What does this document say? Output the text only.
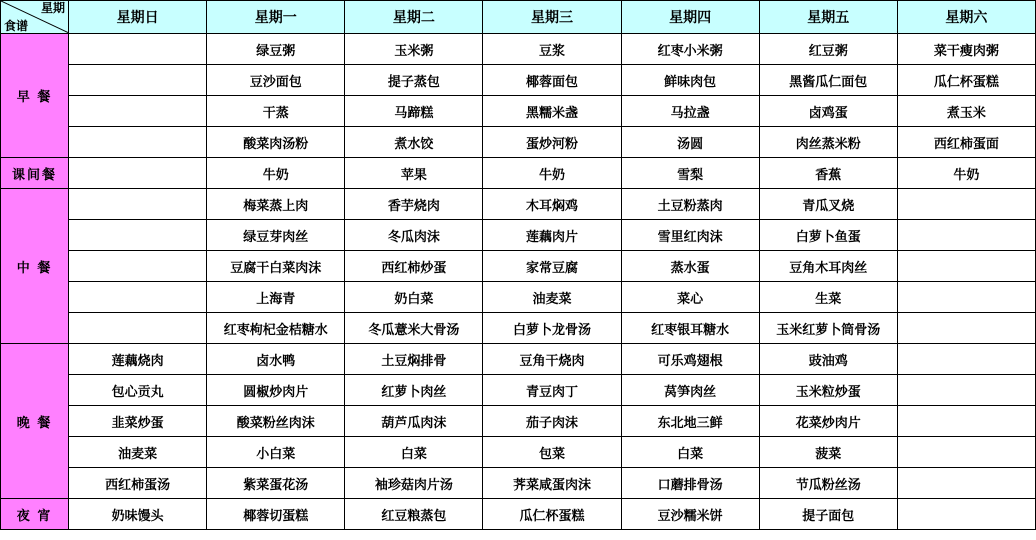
星期
食谱	星期日	星期一	星期二	星期三	星期四	星期五	星期六
早 餐		绿豆粥	玉米粥	豆浆	红枣小米粥	红豆粥	菜干瘦肉粥
		豆沙面包	提子蒸包	椰蓉面包	鲜味肉包	黑酱瓜仁面包	瓜仁杯蛋糕
		干蒸	马蹄糕	黑糯米盏	马拉盏	卤鸡蛋	煮玉米
		酸菜肉汤粉	煮水饺	蛋炒河粉	汤圆	肉丝蒸米粉	西红柿蛋面
课间餐		牛奶	苹果	牛奶	雪梨	香蕉	牛奶
中 餐		梅菜蒸上肉	香芋烧肉	木耳焖鸡	土豆粉蒸肉	青瓜叉烧	
		绿豆芽肉丝	冬瓜肉沫	莲藕肉片	雪里红肉沫	白萝卜鱼蛋	
		豆腐干白菜肉沫	西红柿炒蛋	家常豆腐	蒸水蛋	豆角木耳肉丝	
		上海青	奶白菜	油麦菜	菜心	生菜	
		红枣枸杞金桔糖水	冬瓜薏米大骨汤	白萝卜龙骨汤	红枣银耳糖水	玉米红萝卜筒骨汤	
晚 餐	莲藕烧肉	卤水鸭	土豆焖排骨	豆角干烧肉	可乐鸡翅根	豉油鸡	
	包心贡丸	圆椒炒肉片	红萝卜肉丝	青豆肉丁	莴笋肉丝	玉米粒炒蛋	
	韭菜炒蛋	酸菜粉丝肉沫	葫芦瓜肉沫	茄子肉沫	东北地三鲜	花菜炒肉片	
	油麦菜	小白菜	白菜	包菜	白菜	菠菜	
	西红柿蛋汤	紫菜蛋花汤	袖珍菇肉片汤	荠菜咸蛋肉沫	口蘑排骨汤	节瓜粉丝汤	
夜 宵	奶味馒头	椰蓉切蛋糕	红豆粮蒸包	瓜仁杯蛋糕	豆沙糯米饼	提子面包	
